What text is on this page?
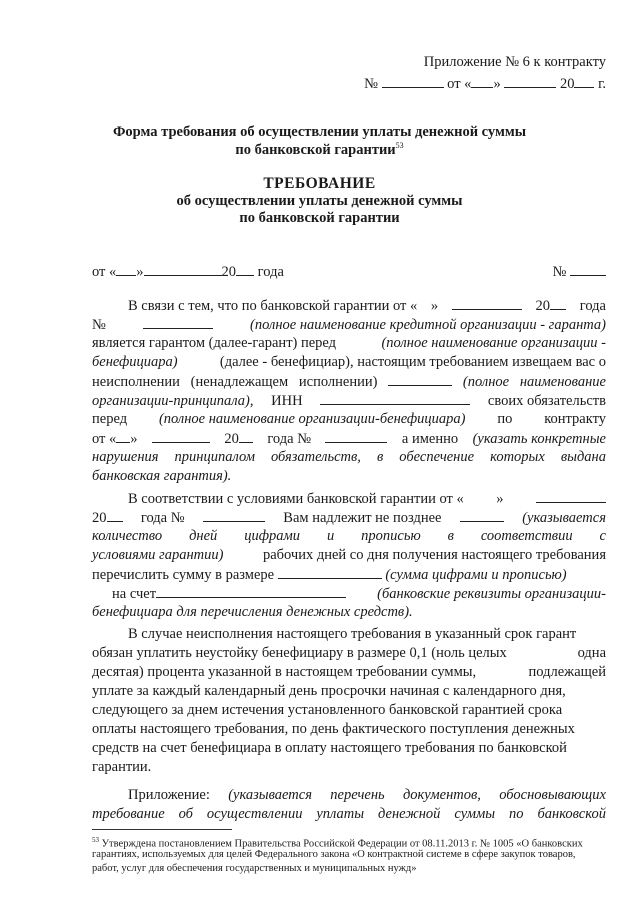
Приложение № 6 к контракту
№	от « »	20 г.
Форма требования об осуществлении уплаты денежной суммы
по банковской гарантии$^{53}$
ТРЕБОВАНИЕ
об осуществлении уплаты денежной суммы
по банковской гарантии
от « »	20 года	№
В связи с тем, что по банковской гарантии от « »	20	года
№	(полное наименование кредитной организации - гаранта)
является гарантом (далее-гарант) перед	(полное наименование организации -
бенефициара)	(далее - бенефициар), настоящим требованием извещаем вас о
неисполнении (ненадлежащем исполнении)	(полное наименование
организации-принципала), ИНН	своих обязательств
перед (полное наименование организации-бенефициара) по контракту
от « »	20	года №	а именно (указать конкретные
нарушения принципалом обязательств, в обеспечение которых выдана
банковская гарантия).
В соответствии с условиями банковской гарантии от « »
20	года №	Вам надлежит не позднее	(указывается
количество дней цифрами и прописью в соответствии с
условиями гарантии)	рабочих дней со дня получения настоящего требования
перечислить сумму в размере

	(сумма цифрами и прописью)
на счет	(банковские реквизиты организации-
бенефициара для перечисления денежных средств).
В случае неисполнения настоящего требования в указанный срок гарант
обязан уплатить неустойку бенефициару в размере 0,1 (ноль целых	одна
десятая) процента указанной в настоящем требовании суммы,	подлежащей
уплате за каждый календарный день просрочки начиная с календарного дня,
следующего за днем истечения установленного банковской гарантией срока
оплаты настоящего требования, по день фактического поступления денежных
средств на счет бенефициара в оплату настоящего требования по банковской
гарантии.
Приложение: (указывается перечень документов, обосновывающих
требование об осуществлении уплаты денежной суммы по банковской
$^{53}$ Утверждена постановлением Правительства Российской Федерации от 08.11.2013 г. № 1005 «О банковских
гарантиях, используемых для целей Федерального закона «О контрактной системе в сфере закупок товаров,
работ, услуг для обеспечения государственных и муниципальных нужд»
